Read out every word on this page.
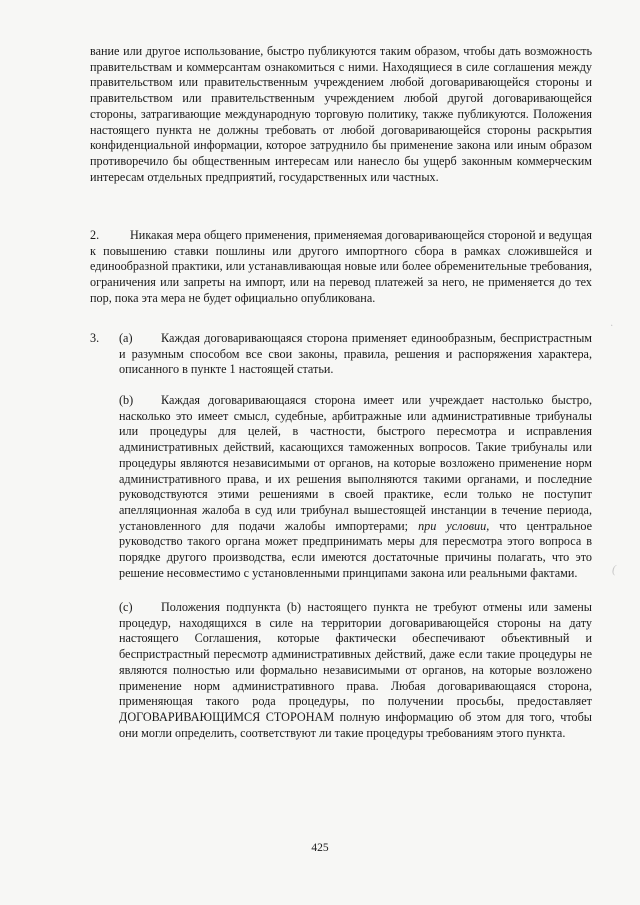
вание или другое использование, быстро публикуются таким образом, чтобы дать возможность правительствам и коммерсантам ознакомиться с ними. Находящиеся в силе соглашения между правительством или правительственным учреждением любой договаривающейся стороны и правительством или правительственным учреждением любой другой договаривающейся стороны, затрагивающие международную торговую политику, также публикуются. Положения настоящего пункта не должны требовать от любой договаривающейся стороны раскрытия конфиденциальной информации, которое затруднило бы применение закона или иным образом противоречило бы общественным интересам или нанесло бы ущерб законным коммерческим интересам отдельных предприятий, государственных или частных.

2.	Никакая мера общего применения, применяемая договаривающейся стороной и ведущая к повышению ставки пошлины или другого импортного сбора в рамках сложившейся и единообразной практики, или устанавливающая новые или более обременительные требования, ограничения или запреты на импорт, или на перевод платежей за него, не применяется до тех пор, пока эта мера не будет официально опубликована.

3. (a) Каждая договаривающаяся сторона применяет единообразным, беспристрастным и разумным способом все свои законы, правила, решения и распоряжения характера, описанного в пункте 1 настоящей статьи.

(b) Каждая договаривающаяся сторона имеет или учреждает настолько быстро, насколько это имеет смысл, судебные, арбитражные или административные трибуналы или процедуры для целей, в частности, быстрого пересмотра и исправления административных действий, касающихся таможенных вопросов. Такие трибуналы или процедуры являются независимыми от органов, на которые возложено применение норм административного права, и их решения выполняются такими органами, и последние руководствуются этими решениями в своей практике, если только не поступит апелляционная жалоба в суд или трибунал вышестоящей инстанции в течение периода, установленного для подачи жалобы импортерами; при условии, что центральное руководство такого органа может предпринимать меры для пересмотра этого вопроса в порядке другого производства, если имеются достаточные причины полагать, что это решение несовместимо с установленными принципами закона или реальными фактами.

(c) Положения подпункта (b) настоящего пункта не требуют отмены или замены процедур, находящихся в силе на территории договаривающейся стороны на дату настоящего Соглашения, которые фактически обеспечивают объективный и беспристрастный пересмотр административных действий, даже если такие процедуры не являются полностью или формально независимыми от органов, на которые возложено применение норм административного права. Любая договаривающаяся сторона, применяющая такого рода процедуры, по получении просьбы, предоставляет ДОГОВАРИВАЮЩИМСЯ СТОРОНАМ полную информацию об этом для того, чтобы они могли определить, соответствуют ли такие процедуры требованиям этого пункта.

425
·
(
